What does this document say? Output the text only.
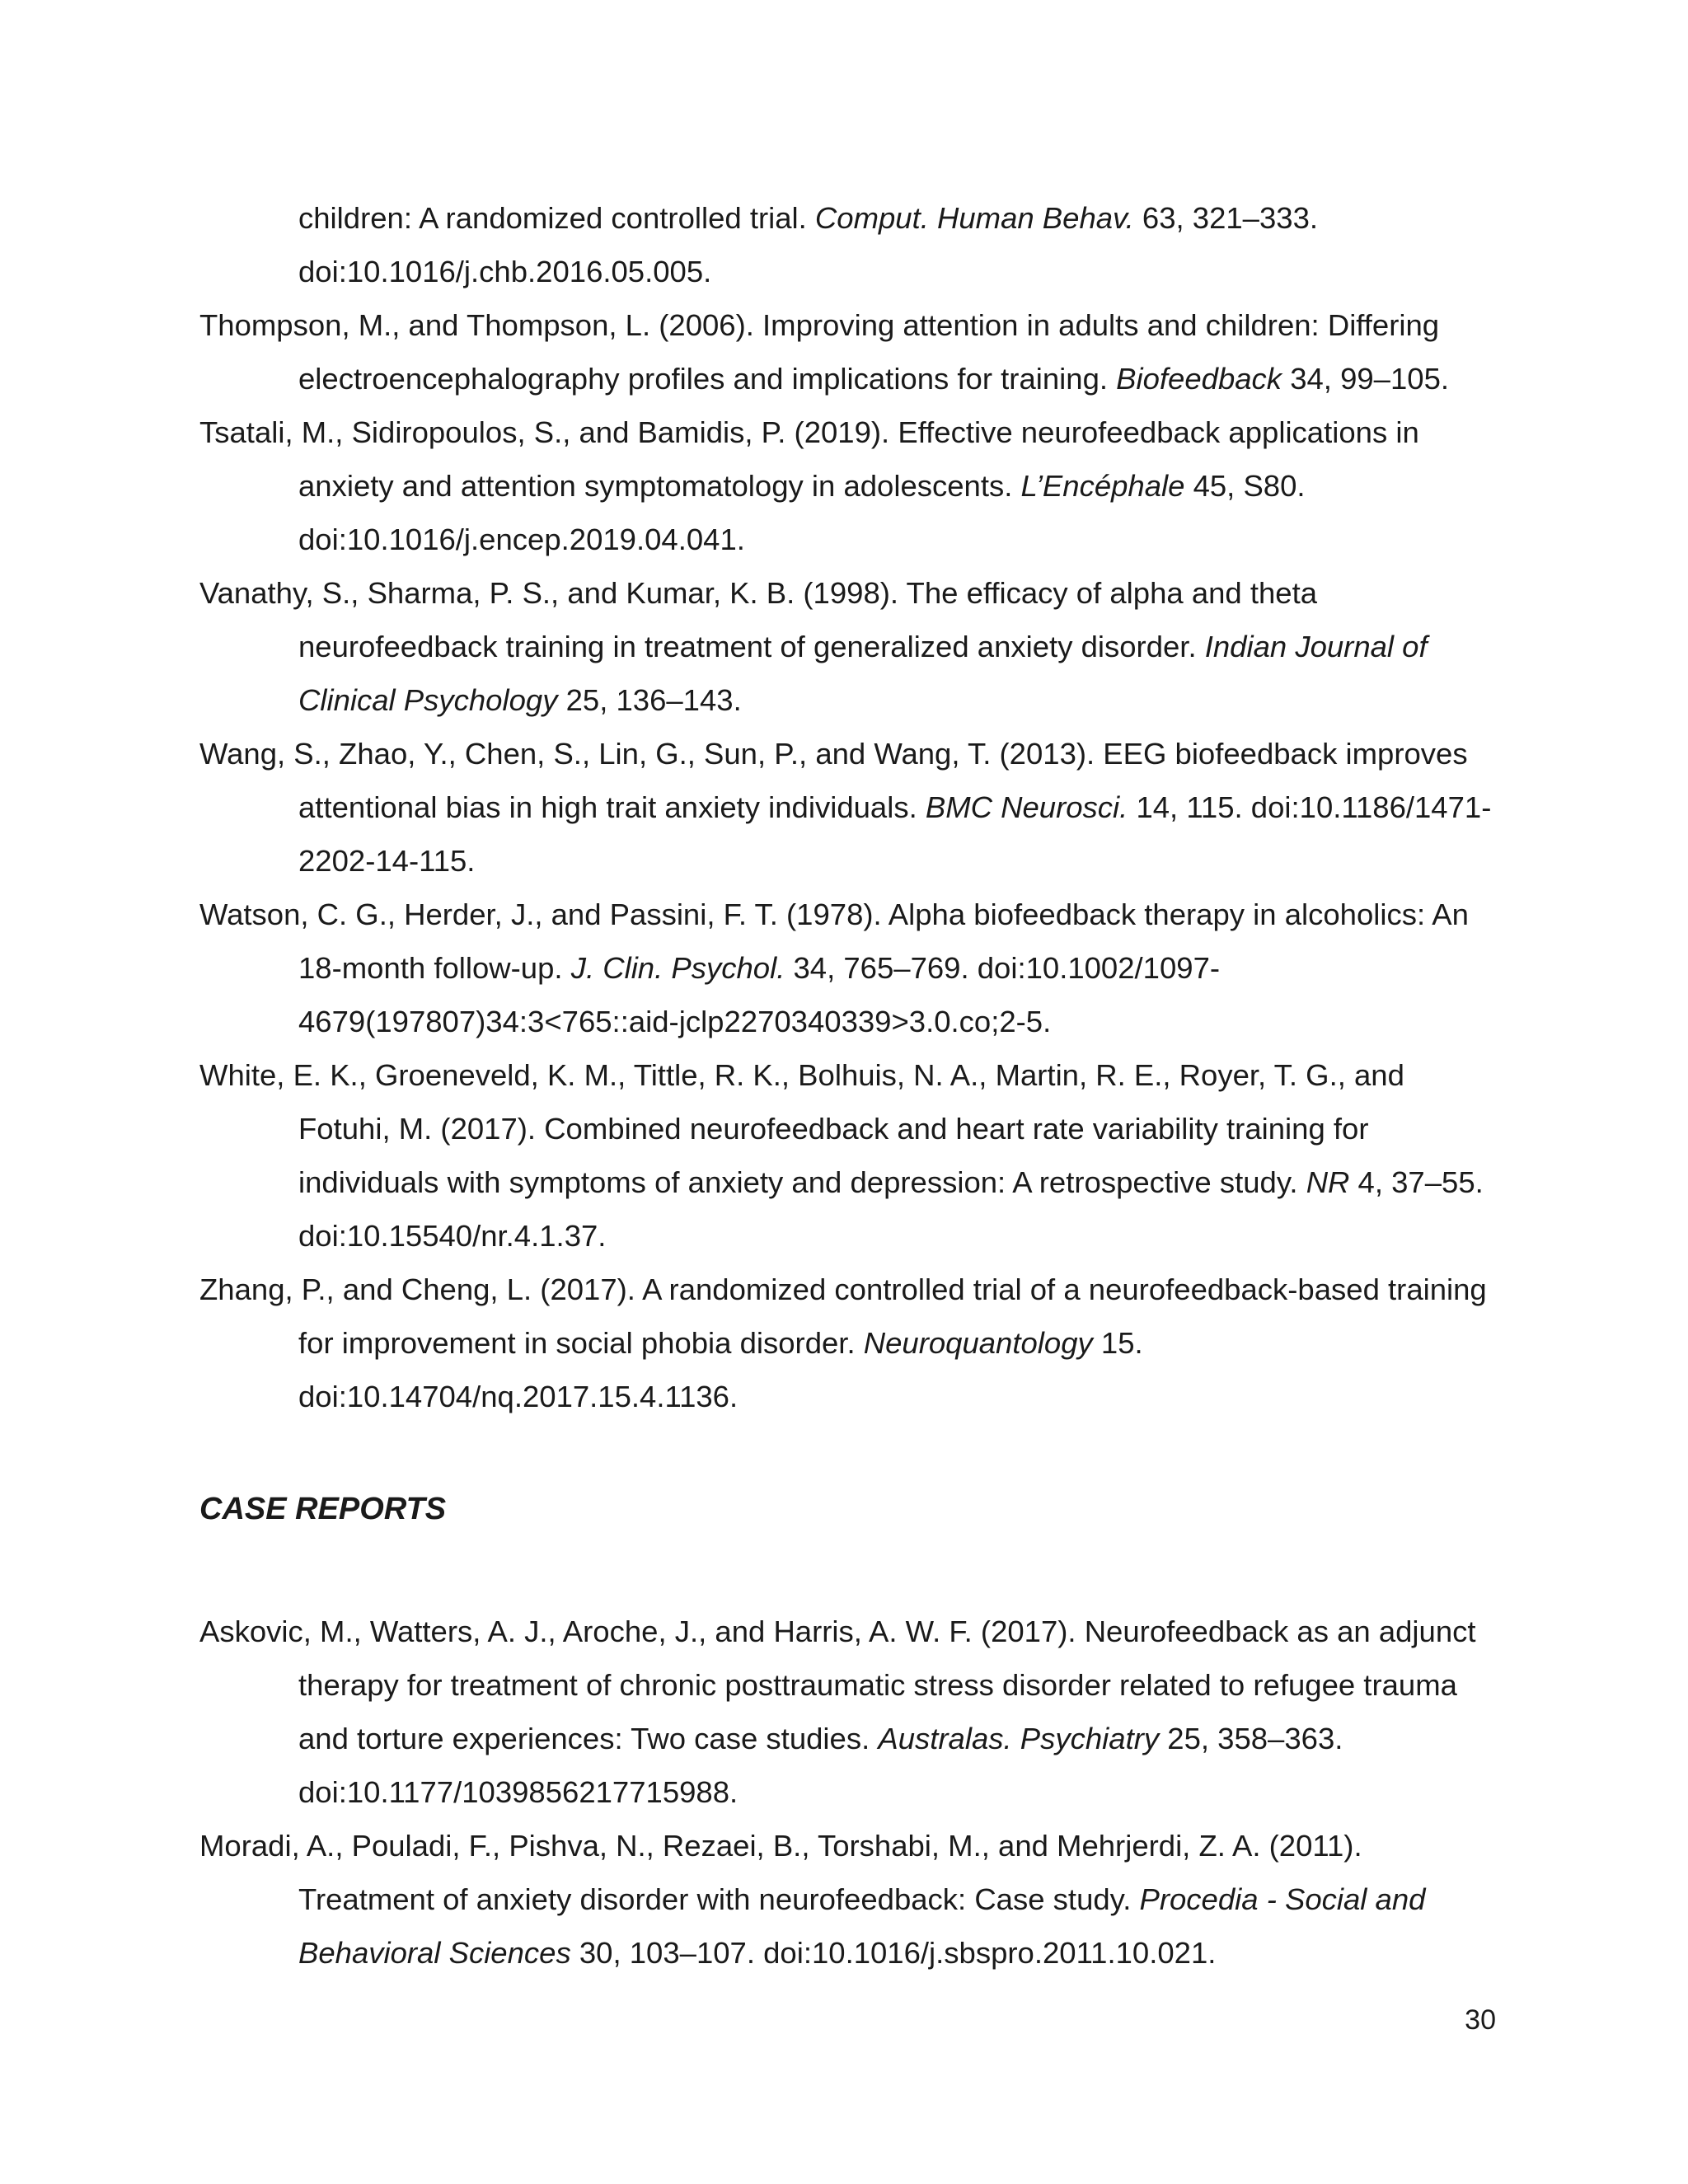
children: A randomized controlled trial. Comput. Human Behav. 63, 321–333. doi:10.1016/j.chb.2016.05.005.

Thompson, M., and Thompson, L. (2006). Improving attention in adults and children: Differing electroencephalography profiles and implications for training. Biofeedback 34, 99–105.

Tsatali, M., Sidiropoulos, S., and Bamidis, P. (2019). Effective neurofeedback applications in anxiety and attention symptomatology in adolescents. L’Encéphale 45, S80. doi:10.1016/j.encep.2019.04.041.

Vanathy, S., Sharma, P. S., and Kumar, K. B. (1998). The efficacy of alpha and theta neurofeedback training in treatment of generalized anxiety disorder. Indian Journal of Clinical Psychology 25, 136–143.

Wang, S., Zhao, Y., Chen, S., Lin, G., Sun, P., and Wang, T. (2013). EEG biofeedback improves attentional bias in high trait anxiety individuals. BMC Neurosci. 14, 115. doi:10.1186/1471-2202-14-115.

Watson, C. G., Herder, J., and Passini, F. T. (1978). Alpha biofeedback therapy in alcoholics: An 18-month follow-up. J. Clin. Psychol. 34, 765–769. doi:10.1002/1097-4679(197807)34:3<765::aid-jclp2270340339>3.0.co;2-5.

White, E. K., Groeneveld, K. M., Tittle, R. K., Bolhuis, N. A., Martin, R. E., Royer, T. G., and Fotuhi, M. (2017). Combined neurofeedback and heart rate variability training for individuals with symptoms of anxiety and depression: A retrospective study. NR 4, 37–55. doi:10.15540/nr.4.1.37.

Zhang, P., and Cheng, L. (2017). A randomized controlled trial of a neurofeedback-based training for improvement in social phobia disorder. Neuroquantology 15. doi:10.14704/nq.2017.15.4.1136.

CASE REPORTS

Askovic, M., Watters, A. J., Aroche, J., and Harris, A. W. F. (2017). Neurofeedback as an adjunct therapy for treatment of chronic posttraumatic stress disorder related to refugee trauma and torture experiences: Two case studies. Australas. Psychiatry 25, 358–363. doi:10.1177/1039856217715988.

Moradi, A., Pouladi, F., Pishva, N., Rezaei, B., Torshabi, M., and Mehrjerdi, Z. A. (2011). Treatment of anxiety disorder with neurofeedback: Case study. Procedia - Social and Behavioral Sciences 30, 103–107. doi:10.1016/j.sbspro.2011.10.021.

30
